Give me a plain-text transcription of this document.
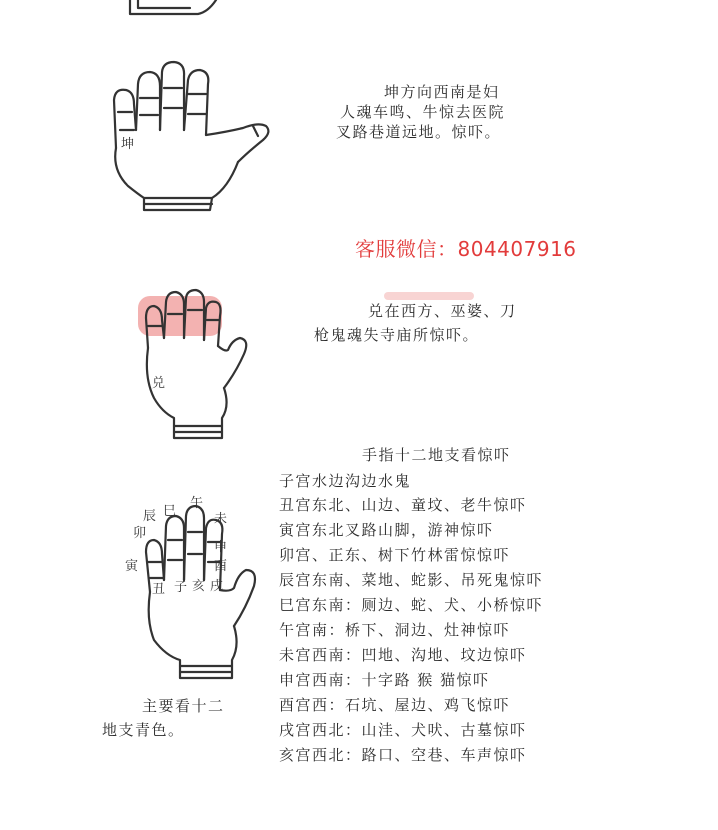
坤
坤方向西南是妇
人魂车鸣、牛惊去医院
叉路巷道远地。惊吓。
客服微信：804407916
兑
兑在西方、巫婆、刀
枪鬼魂失寺庙所惊吓。
卯
辰 巳
午
未
申
酉
戌
亥
子
丑
寅
手指十二地支看惊吓
子宫水边沟边水鬼
丑宫东北、山边、童坟、老牛惊吓
寅宫东北叉路山脚，游神惊吓
卯宫、正东、树下竹林雷惊惊吓
辰宫东南、菜地、蛇影、吊死鬼惊吓
巳宫东南：厕边、蛇、犬、小桥惊吓
午宫南：桥下、洞边、灶神惊吓
未宫西南：凹地、沟地、坟边惊吓
申宫西南：十字路 猴 猫惊吓
酉宫西：石坑、屋边、鸡飞惊吓
戌宫西北：山洼、犬吠、古墓惊吓
亥宫西北：路口、空巷、车声惊吓
主要看十二
地支青色。
